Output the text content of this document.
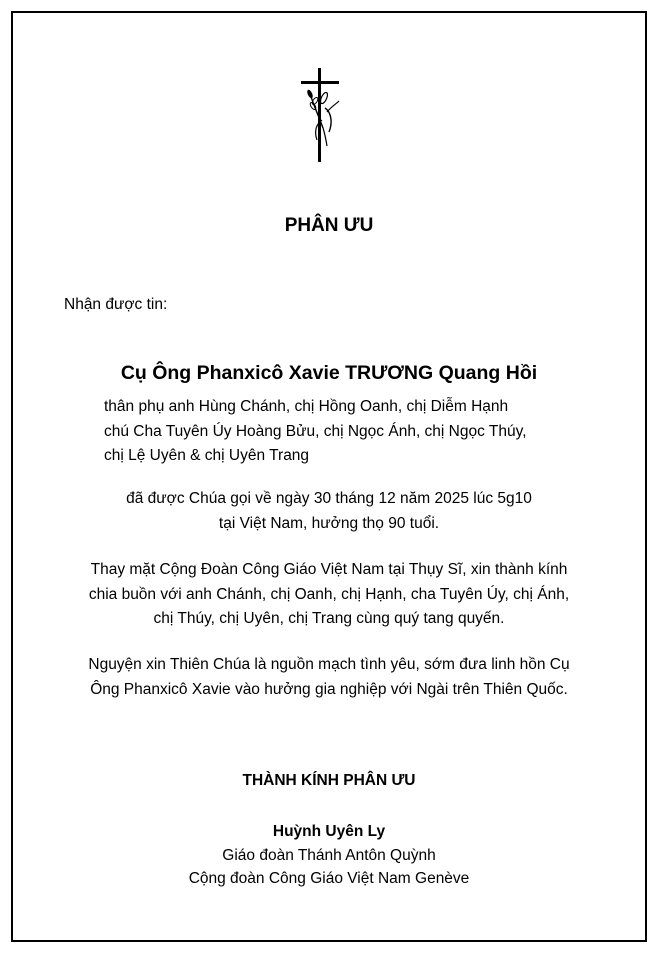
PHÂN ƯU
Nhận được tin:
Cụ Ông Phanxicô Xavie TRƯƠNG Quang Hồi
thân phụ anh Hùng Chánh, chị Hồng Oanh, chị Diễm Hạnh
chú Cha Tuyên Úy Hoàng Bửu, chị Ngọc Ánh, chị Ngọc Thúy,
chị Lệ Uyên & chị Uyên Trang
đã được Chúa gọi về ngày 30 tháng 12 năm 2025 lúc 5g10
tại Việt Nam, hưởng thọ 90 tuổi.
Thay mặt Cộng Đoàn Công Giáo Việt Nam tại Thụy Sĩ, xin thành kính
chia buồn với anh Chánh, chị Oanh, chị Hạnh, cha Tuyên Úy, chị Ánh,
chị Thúy, chị Uyên, chị Trang cùng quý tang quyến.
Nguyện xin Thiên Chúa là nguồn mạch tình yêu, sớm đưa linh hồn Cụ
Ông Phanxicô Xavie vào hưởng gia nghiệp với Ngài trên Thiên Quốc.
THÀNH KÍNH PHÂN ƯU
Huỳnh Uyên Ly
Giáo đoàn Thánh Antôn Quỳnh
Cộng đoàn Công Giáo Việt Nam Genève
